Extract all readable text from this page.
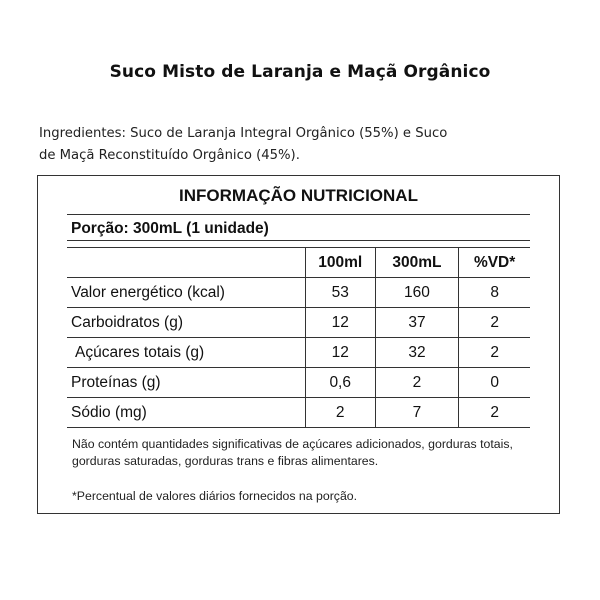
Suco Misto de Laranja e Maçã Orgânico
Ingredientes: Suco de Laranja Integral Orgânico (55%) e Suco
de Maçã Reconstituído Orgânico (45%).
INFORMAÇÃO NUTRICIONAL
Porção: 300mL (1 unidade)
	100ml	300mL	%VD*
Valor energético (kcal)	53	160	8
Carboidratos (g)	12	37	2
Açúcares totais (g)	12	32	2
Proteínas (g)	0,6	2	0
Sódio (mg)	2	7	2
Não contém quantidades significativas de açúcares adicionados, gorduras totais,
gorduras saturadas, gorduras trans e fibras alimentares.
*Percentual de valores diários fornecidos na porção.
